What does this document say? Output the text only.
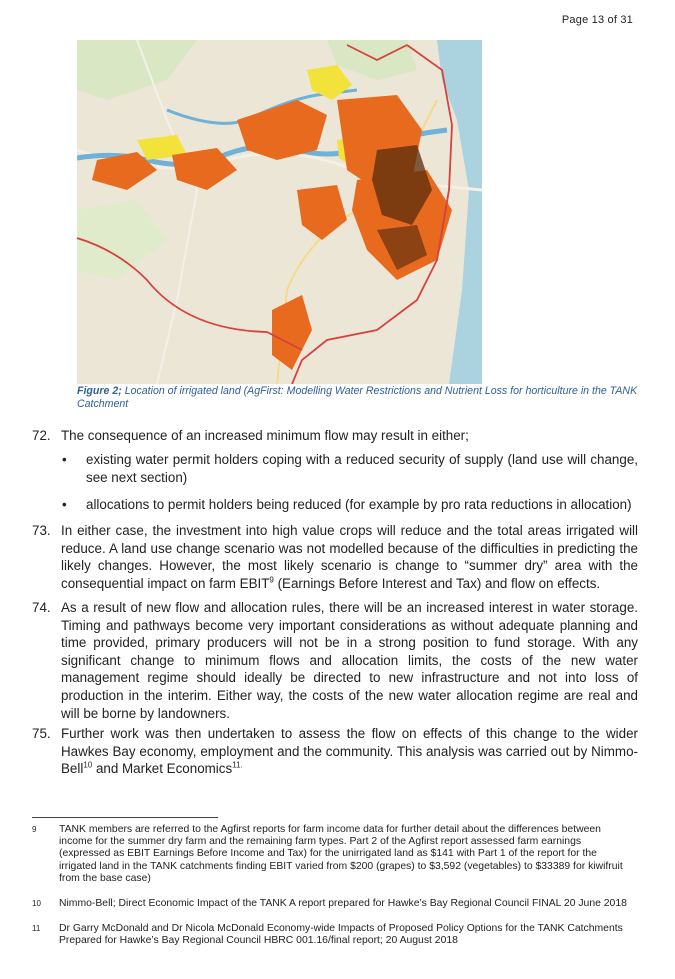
Page 13 of 31
Figure 2; Location of irrigated land (AgFirst: Modelling Water Restrictions and Nutrient Loss for horticulture in the TANK Catchment
72. The consequence of an increased minimum flow may result in either;
• existing water permit holders coping with a reduced security of supply (land use will change, see next section)
• allocations to permit holders being reduced (for example by pro rata reductions in allocation)
73. In either case, the investment into high value crops will reduce and the total areas irrigated will reduce. A land use change scenario was not modelled because of the difficulties in predicting the likely changes. However, the most likely scenario is change to “summer dry” area with the consequential impact on farm EBIT$^9$ (Earnings Before Interest and Tax) and flow on effects.
74. As a result of new flow and allocation rules, there will be an increased interest in water storage. Timing and pathways become very important considerations as without adequate planning and time provided, primary producers will not be in a strong position to fund storage. With any significant change to minimum flows and allocation limits, the costs of the new water management regime should ideally be directed to new infrastructure and not into loss of production in the interim. Either way, the costs of the new water allocation regime are real and will be borne by landowners.
75. Further work was then undertaken to assess the flow on effects of this change to the wider Hawkes Bay economy, employment and the community. This analysis was carried out by Nimmo-Bell$^{10}$ and Market Economics$^{11.}$
9 TANK members are referred to the Agfirst reports for farm income data for further detail about the differences between income for the summer dry farm and the remaining farm types. Part 2 of the Agfirst report assessed farm earnings (expressed as EBIT Earnings Before Income and Tax) for the unirrigated land as $141 with Part 1 of the report for the irrigated land in the TANK catchments finding EBIT varied from $200 (grapes) to $3,592 (vegetables) to $33389 for kiwifruit from the base case)
10 Nimmo-Bell; Direct Economic Impact of the TANK A report prepared for Hawke’s Bay Regional Council FINAL 20 June 2018
11 Dr Garry McDonald and Dr Nicola McDonald Economy-wide Impacts of Proposed Policy Options for the TANK Catchments Prepared for Hawke’s Bay Regional Council HBRC 001.16/final report; 20 August 2018
